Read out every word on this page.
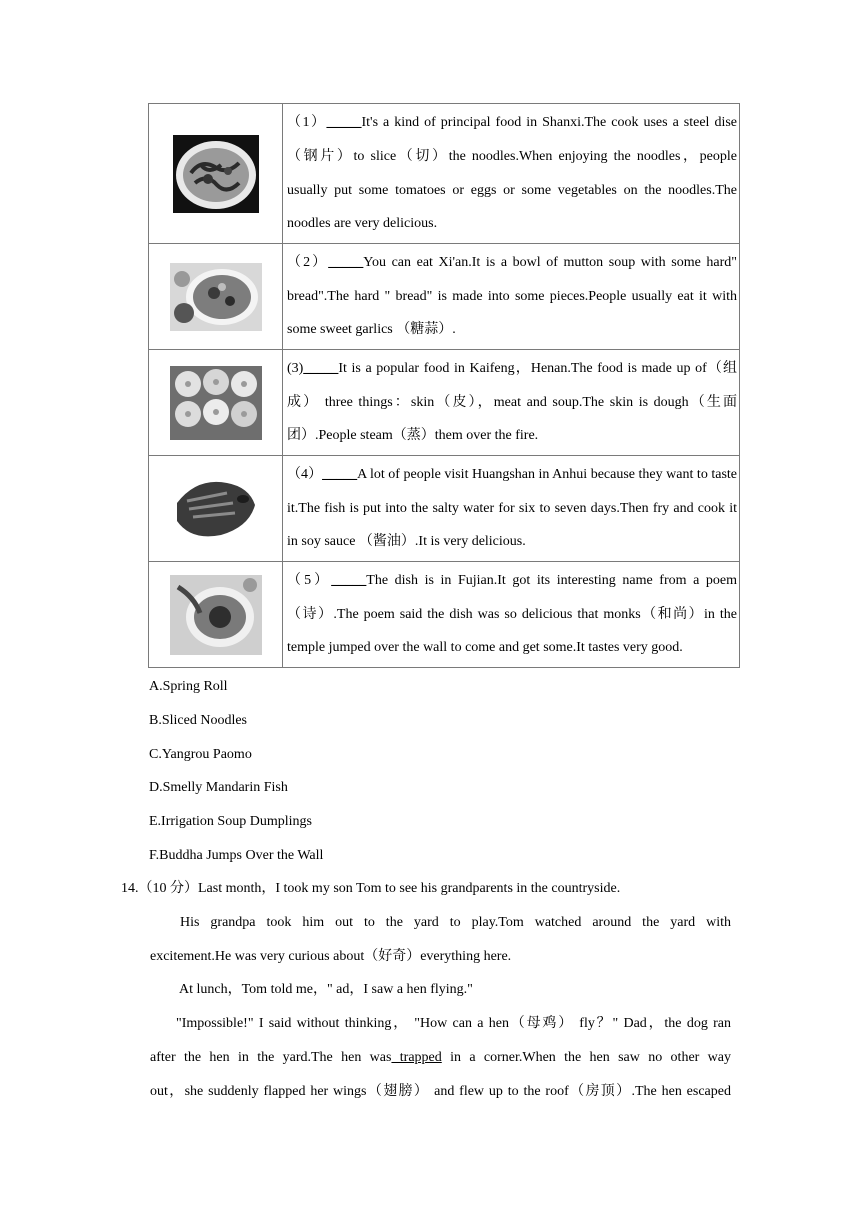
（1）_____It's a kind of principal food in Shanxi.The cook uses a steel dise （钢片）to slice（切）the noodles.When enjoying the noodles，people usually put some tomatoes or eggs or some vegetables on the noodles.The noodles are very delicious.

（2）_____You can eat Xi'an.It is a bowl of mutton soup with some hard" bread".The hard " bread" is made into some pieces.People usually eat it with some sweet garlics （糖蒜）.

(3)_____It is a popular food in Kaifeng，Henan.The food is made up of（组成） three things：skin（皮），meat and soup.The skin is dough（生面团）.People steam（蒸）them over the fire.

（4）_____A lot of people visit Huangshan in Anhui because they want to taste it.The fish is put into the salty water for six to seven days.Then fry and cook it in soy sauce （酱油）.It is very delicious.

（5）_____The dish is in Fujian.It got its interesting name from a poem（诗）.The poem said the dish was so delicious that monks（和尚）in the temple jumped over the wall to come and get some.It tastes very good.
A.Spring Roll
B.Sliced Noodles
C.Yangrou Paomo
D.Smelly Mandarin Fish
E.Irrigation Soup Dumplings
F.Buddha Jumps Over the Wall
14.（10 分）Last month，I took my son Tom to see his grandparents in the countryside.
His grandpa took him out to the yard to play.Tom watched around the yard with
excitement.He was very curious about（好奇）everything here.
At lunch，Tom told me，" ad，I saw a hen flying."
"Impossible!" I said without thinking， "How can a hen（母鸡） fly？" Dad，the dog ran
after the hen in the yard.The hen was trapped in a corner.When the hen saw no other way
out，she suddenly flapped her wings（翅膀） and flew up to the roof（房顶）.The hen escaped
